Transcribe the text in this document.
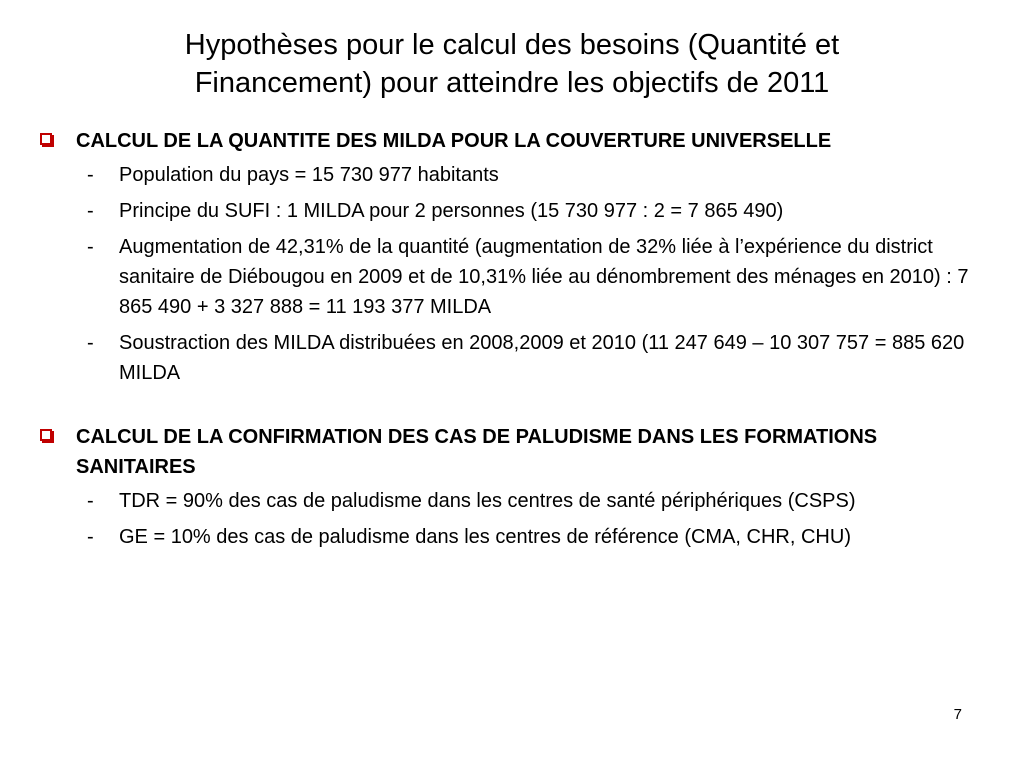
Hypothèses pour le calcul des besoins (Quantité et
Financement) pour atteindre les objectifs de 2011
CALCUL DE LA QUANTITE DES MILDA POUR LA COUVERTURE UNIVERSELLE
- Population du pays = 15 730 977 habitants
- Principe du SUFI : 1 MILDA pour 2 personnes (15 730 977 : 2 = 7 865 490)
- Augmentation de 42,31% de la quantité (augmentation de 32% liée à l’expérience du district sanitaire de Diébougou en 2009 et de 10,31% liée au dénombrement des ménages en 2010) : 7 865 490 + 3 327 888 = 11 193 377 MILDA
- Soustraction des MILDA distribuées en 2008,2009 et 2010 (11 247 649 – 10 307 757 = 885 620 MILDA
CALCUL DE LA CONFIRMATION DES CAS DE PALUDISME DANS LES FORMATIONS SANITAIRES
- TDR = 90% des cas de paludisme dans les centres de santé périphériques (CSPS)
- GE = 10% des cas de paludisme dans les centres de référence (CMA, CHR, CHU)
7
